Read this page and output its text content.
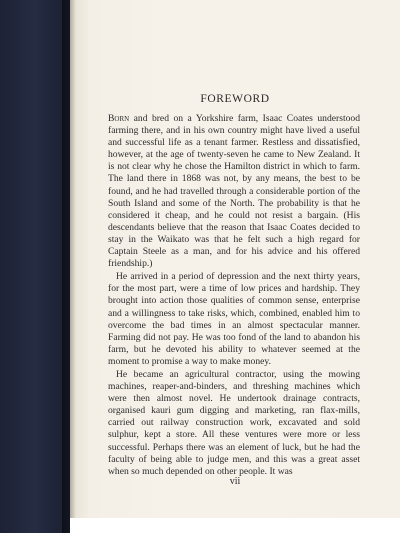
FOREWORD

Born and bred on a Yorkshire farm, Isaac Coates understood farming there, and in his own country might have lived a useful and successful life as a tenant farmer. Restless and dissatisfied, however, at the age of twenty-seven he came to New Zealand. It is not clear why he chose the Hamilton district in which to farm. The land there in 1868 was not, by any means, the best to be found, and he had travelled through a considerable portion of the South Island and some of the North. The probability is that he considered it cheap, and he could not resist a bargain. (His descendants believe that the reason that Isaac Coates decided to stay in the Waikato was that he felt such a high regard for Captain Steele as a man, and for his advice and his offered friendship.)

He arrived in a period of depression and the next thirty years, for the most part, were a time of low prices and hardship. They brought into action those qualities of common sense, enterprise and a willingness to take risks, which, combined, enabled him to overcome the bad times in an almost spectacular manner. Farming did not pay. He was too fond of the land to abandon his farm, but he devoted his ability to whatever seemed at the moment to promise a way to make money.

He became an agricultural contractor, using the mowing machines, reaper-and-binders, and threshing machines which were then almost novel. He undertook drainage contracts, organised kauri gum digging and marketing, ran flax-mills, carried out railway construction work, excavated and sold sulphur, kept a store. All these ventures were more or less successful. Perhaps there was an element of luck, but he had the faculty of being able to judge men, and this was a great asset when so much depended on other people. It was

vii
